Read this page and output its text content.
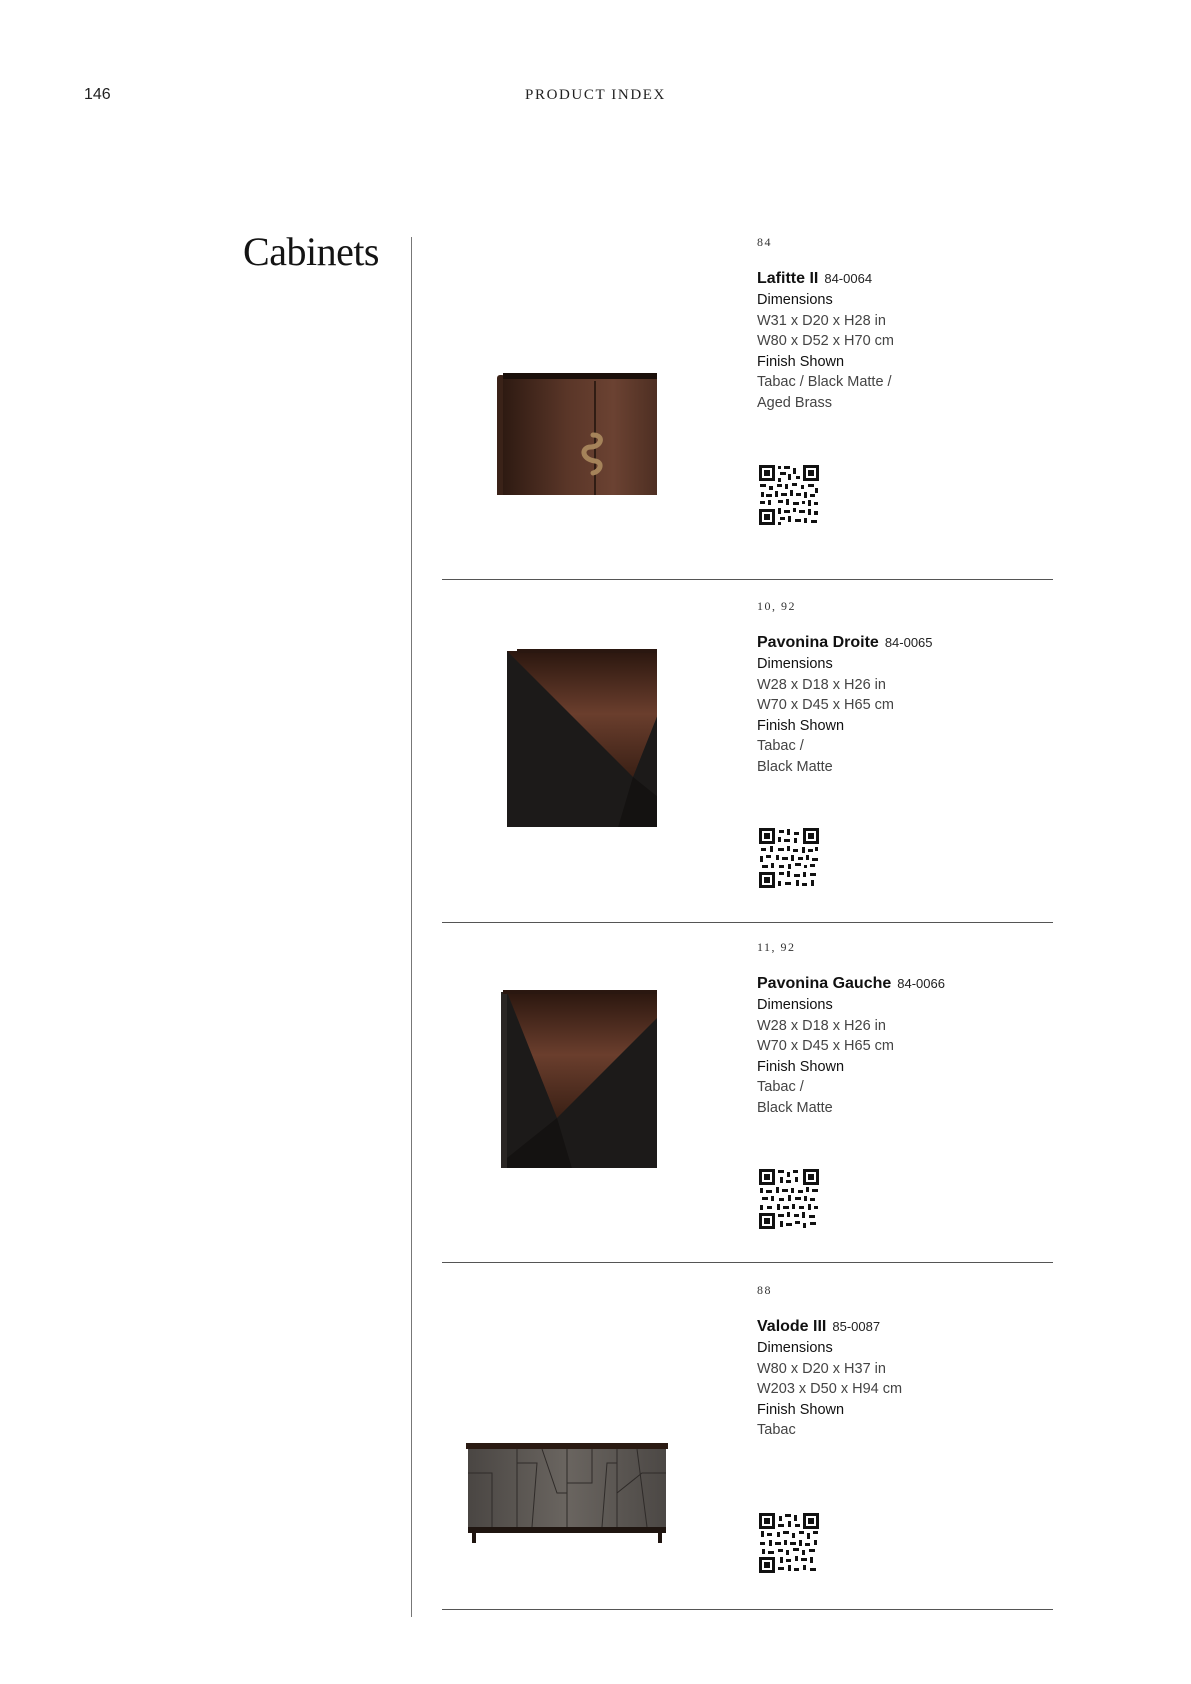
146	PRODUCT INDEX
Cabinets	84
Lafitte II 84-0064
Dimensions
W31 x D20 x H28 in
W80 x D52 x H70 cm
Finish Shown
Tabac / Black Matte /
Aged Brass
10, 92
Pavonina Droite 84-0065
Dimensions
W28 x D18 x H26 in
W70 x D45 x H65 cm
Finish Shown
Tabac /
Black Matte
11, 92
Pavonina Gauche 84-0066
Dimensions
W28 x D18 x H26 in
W70 x D45 x H65 cm
Finish Shown
Tabac /
Black Matte
88
Valode III 85-0087
Dimensions
W80 x D20 x H37 in
W203 x D50 x H94 cm
Finish Shown
Tabac
